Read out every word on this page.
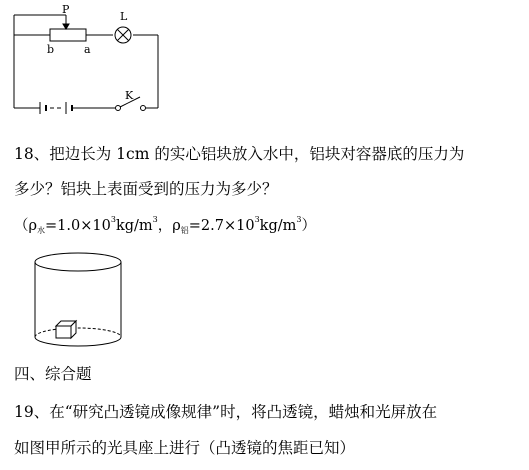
P
L
b	a
K
18、把边长为 1cm 的实心铝块放入水中，铝块对容器底的压力为
多少？铝块上表面受到的压力为多少？
（$\rho_水=1.0\times 10^3kg/m^3$，$\rho_铝=2.7\times 10^3kg/m^3$）
四、综合题
19、在“研究凸透镜成像规律”时，将凸透镜，蜡烛和光屏放在
如图甲所示的光具座上进行（凸透镜的焦距已知）
